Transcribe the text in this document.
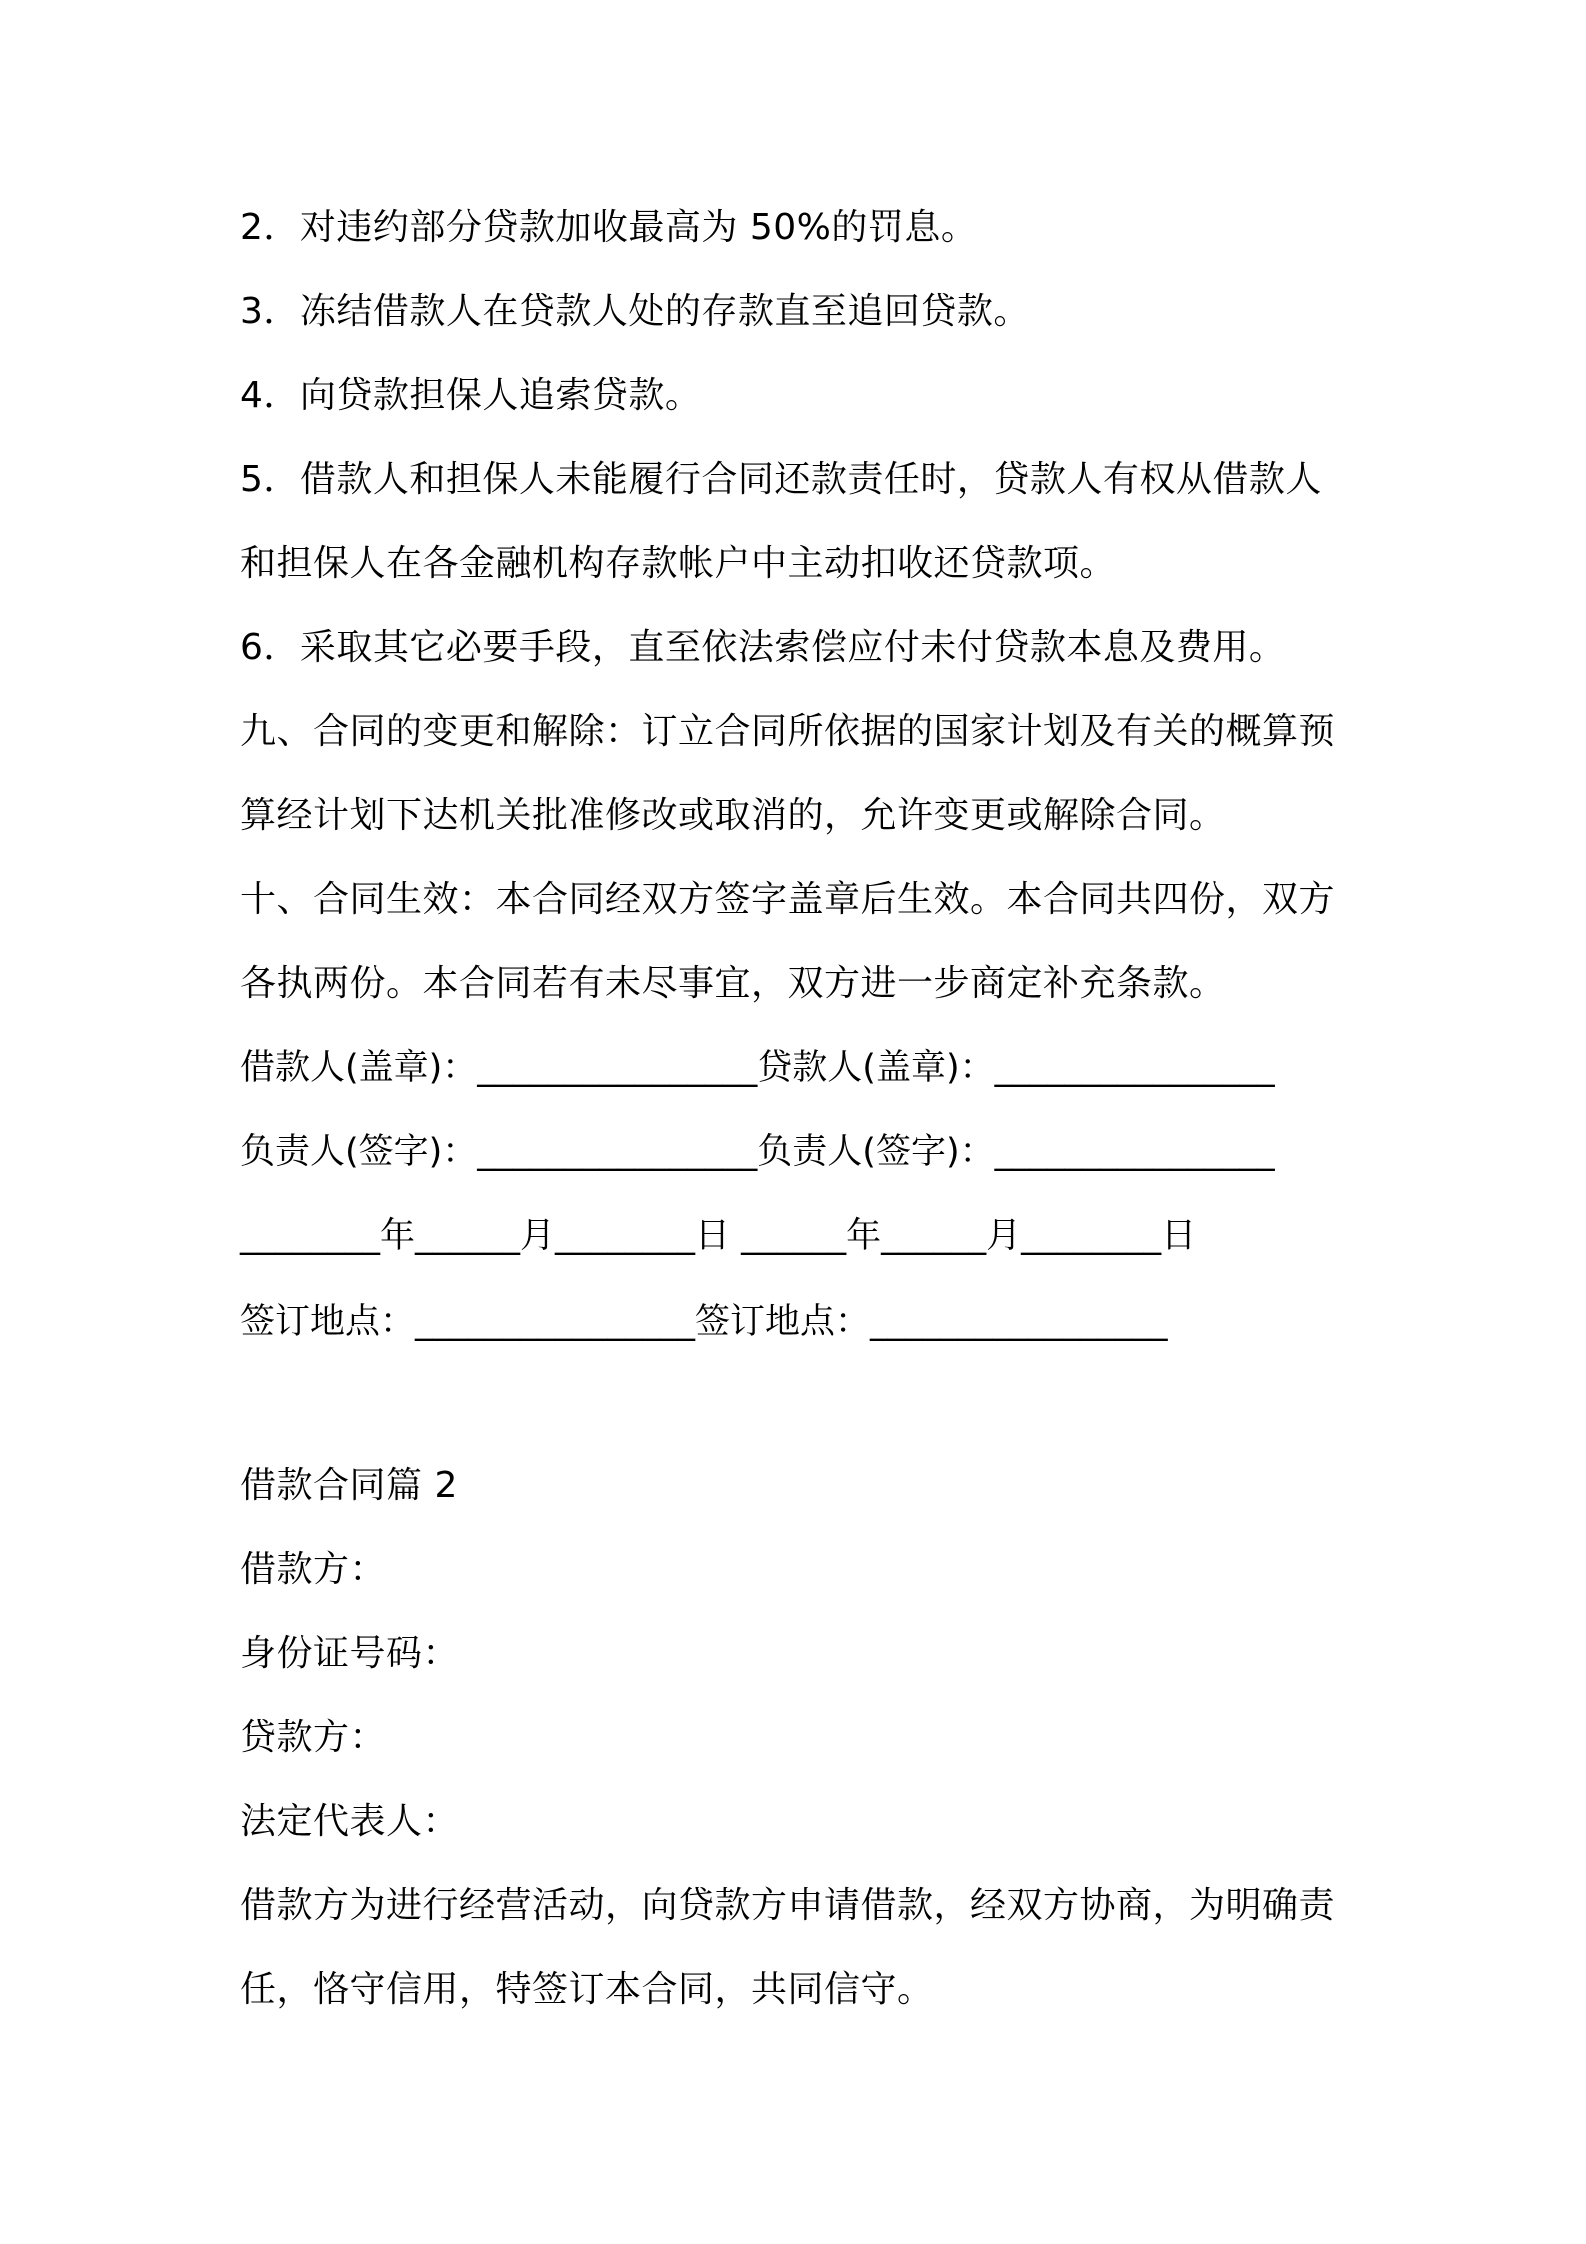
2．对违约部分贷款加收最高为 50%的罚息。
3．冻结借款人在贷款人处的存款直至追回贷款。
4．向贷款担保人追索贷款。
5．借款人和担保人未能履行合同还款责任时，贷款人有权从借款人
和担保人在各金融机构存款帐户中主动扣收还贷款项。
6．采取其它必要手段，直至依法索偿应付未付贷款本息及费用。
九、合同的变更和解除：订立合同所依据的国家计划及有关的概算预
算经计划下达机关批准修改或取消的，允许变更或解除合同。
十、合同生效：本合同经双方签字盖章后生效。本合同共四份，双方
各执两份。本合同若有未尽事宜，双方进一步商定补充条款。
借款人(盖章)：________________贷款人(盖章)：________________
负责人(签字)：________________负责人(签字)：________________
________年______月________日 ______年______月________日
签订地点：________________签订地点：_________________
借款合同篇 2
借款方：
身份证号码：
贷款方：
法定代表人：
借款方为进行经营活动，向贷款方申请借款，经双方协商，为明确责
任，恪守信用，特签订本合同，共同信守。
